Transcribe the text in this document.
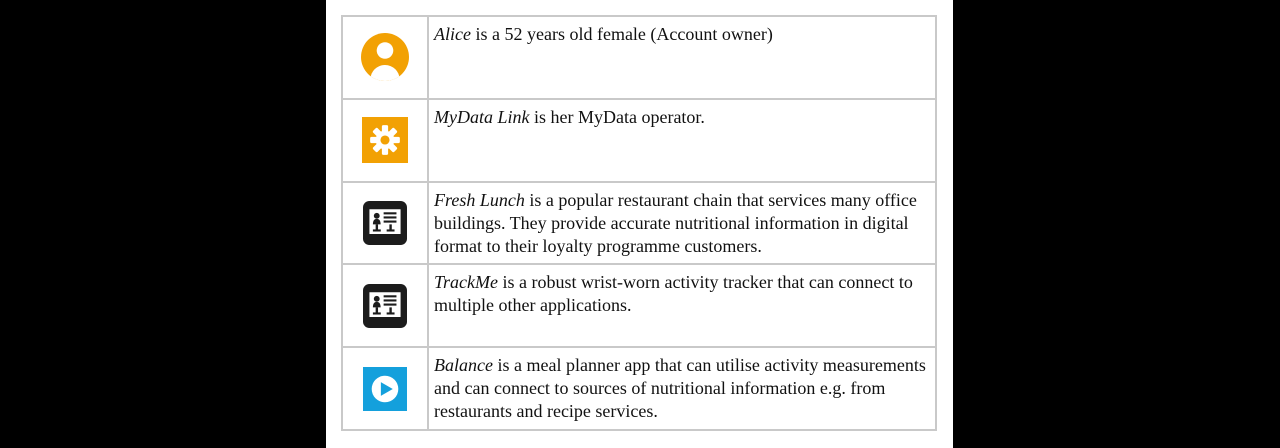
Alice is a 52 years old female (Account owner)

MyData Link is her MyData operator.

Fresh Lunch is a popular restaurant chain that services many office buildings. They provide accurate nutritional information in digital format to their loyalty programme customers.

TrackMe is a robust wrist-worn activity tracker that can connect to multiple other applications.

Balance is a meal planner app that can utilise activity measurements and can connect to sources of nutritional information e.g. from restaurants and recipe services.
